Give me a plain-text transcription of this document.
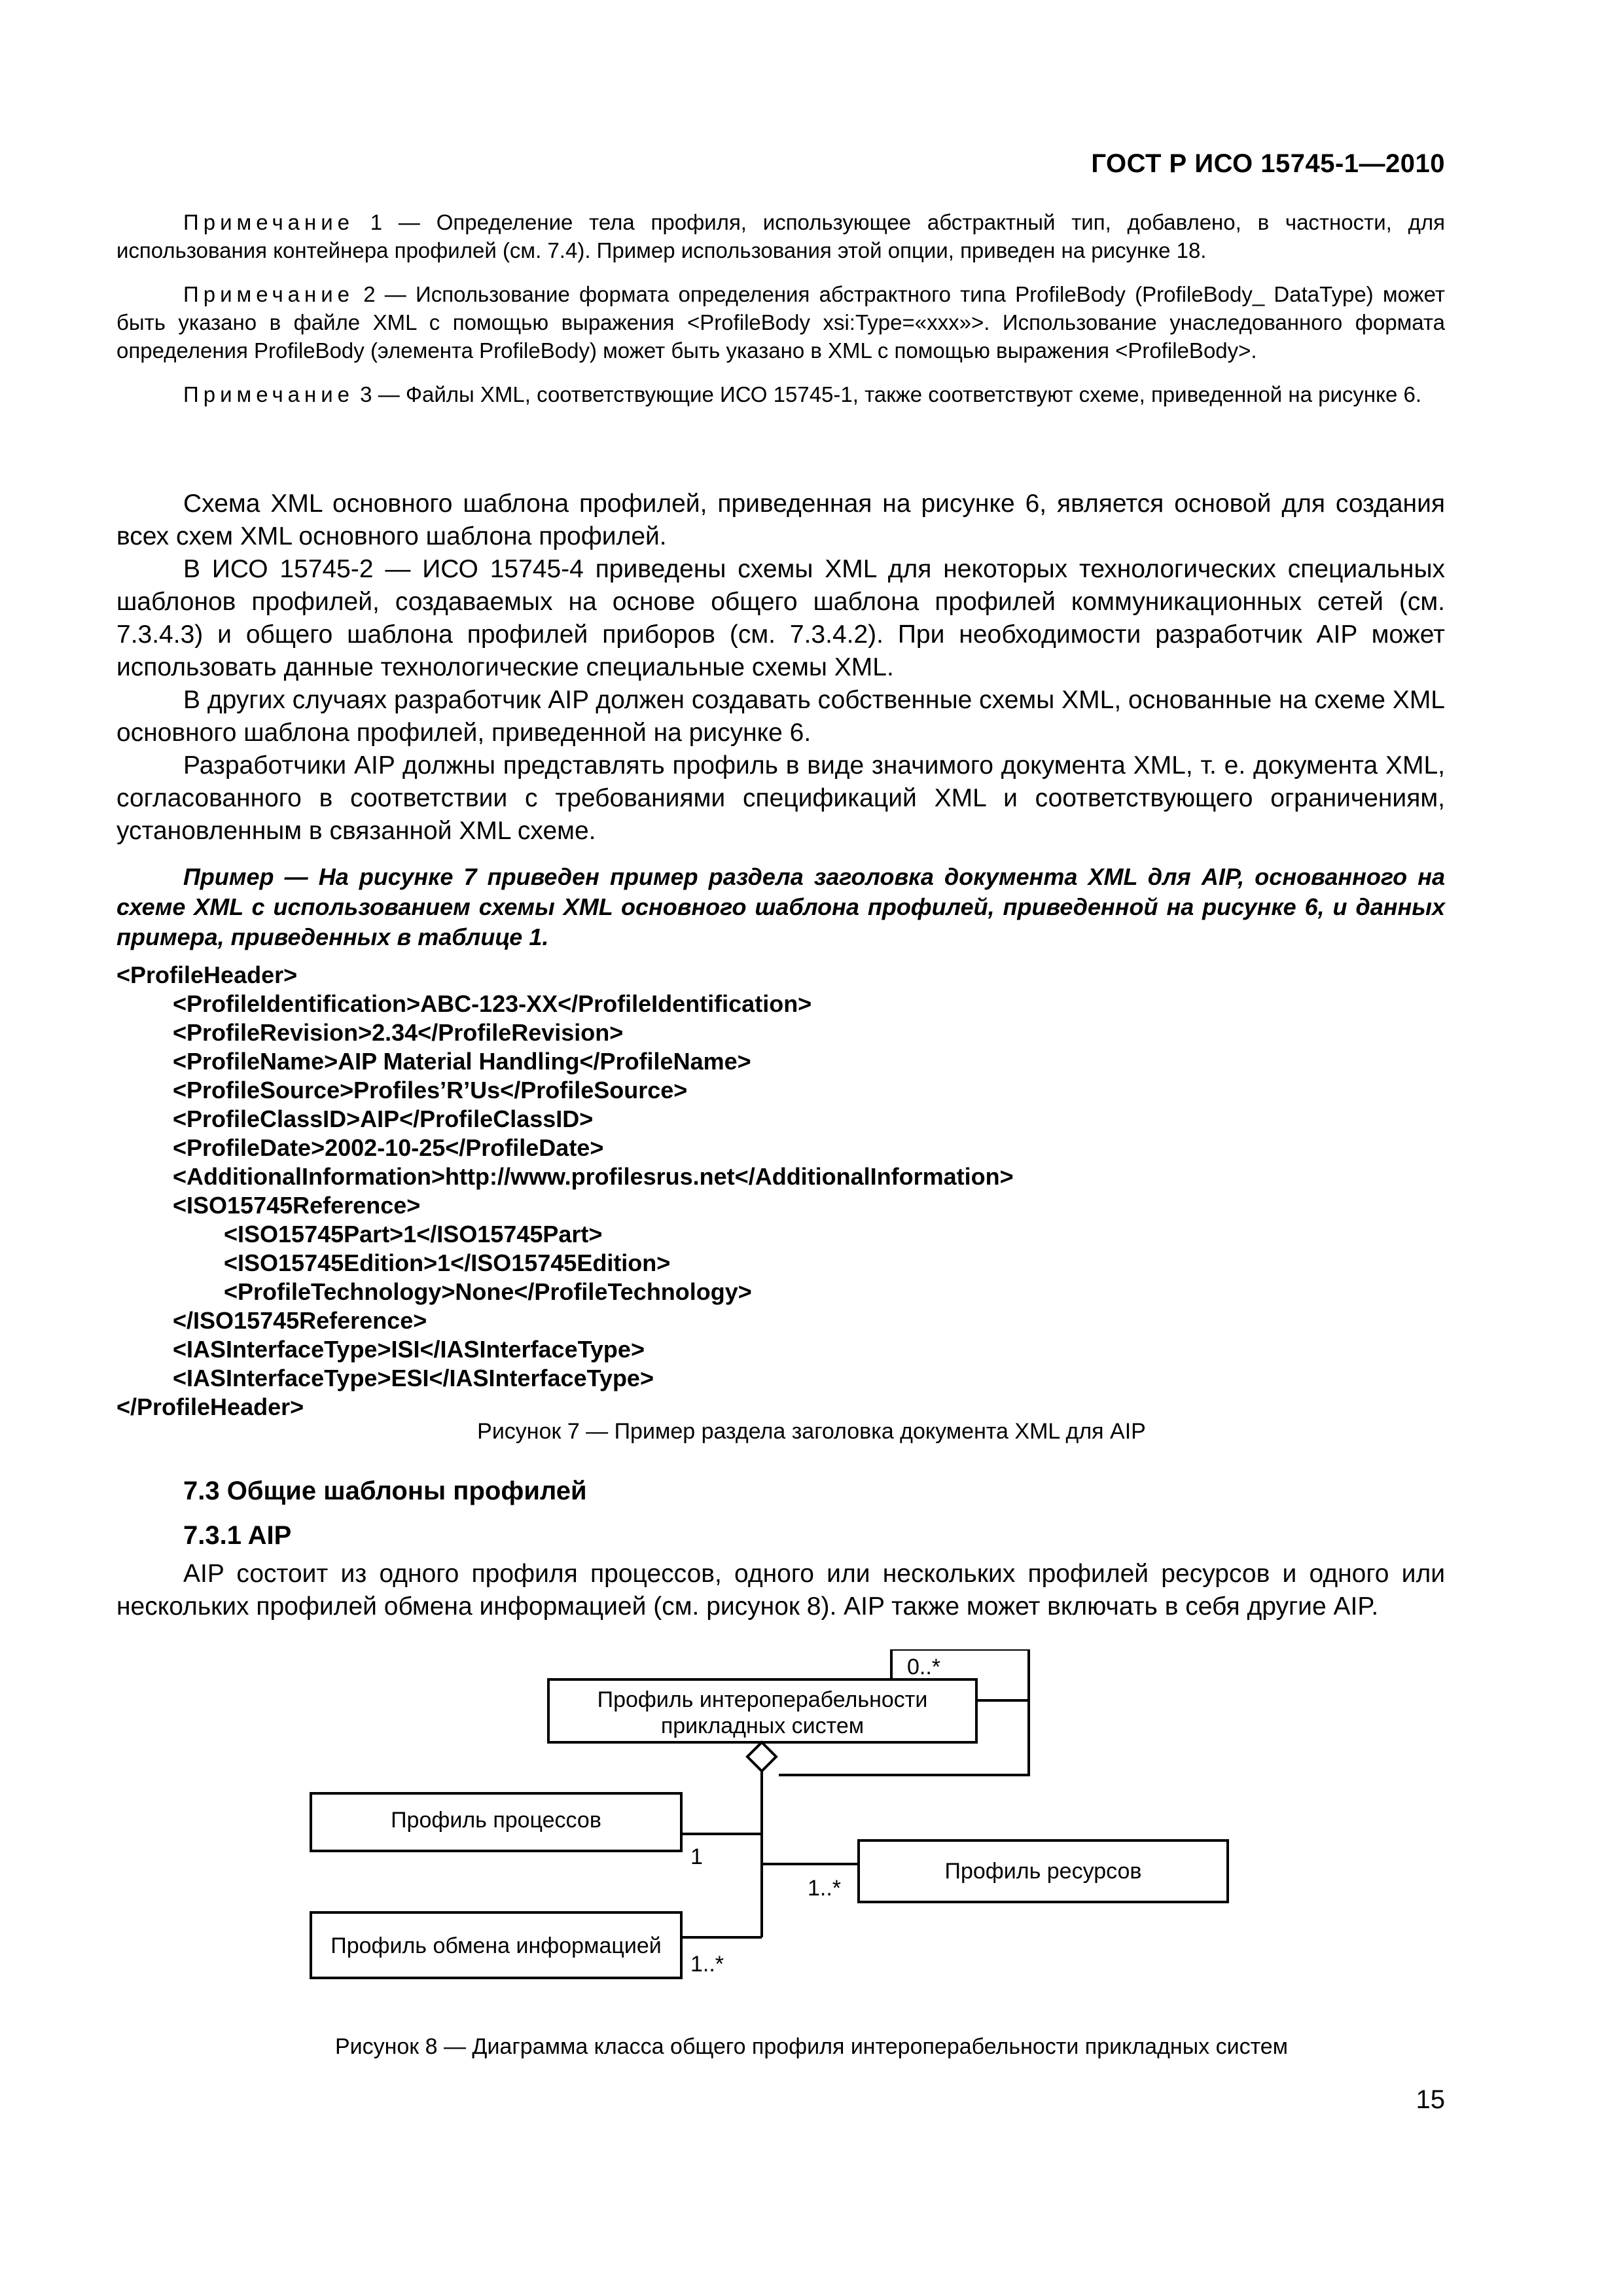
ГОСТ Р ИСО 15745-1—2010

Примечание 1 — Определение тела профиля, использующее абстрактный тип, добавлено, в частности, для использования контейнера профилей (см. 7.4). Пример использования этой опции, приведен на рисунке 18.

Примечание 2 — Использование формата определения абстрактного типа ProfileBody (ProfileBody_ DataType) может быть указано в файле XML с помощью выражения <ProfileBody xsi:Type=«xxx»>. Использование унаследованного формата определения ProfileBody (элемента ProfileBody) может быть указано в XML с помощью выражения <ProfileBody>.

Примечание 3 — Файлы XML, соответствующие ИСО 15745-1, также соответствуют схеме, приведенной на рисунке 6.

Схема XML основного шаблона профилей, приведенная на рисунке 6, является основой для создания всех схем XML основного шаблона профилей.

В ИСО 15745-2 — ИСО 15745-4 приведены схемы XML для некоторых технологических специальных шаблонов профилей, создаваемых на основе общего шаблона профилей коммуникационных сетей (см. 7.3.4.3) и общего шаблона профилей приборов (см. 7.3.4.2). При необходимости разработчик AIP может использовать данные технологические специальные схемы XML.

В других случаях разработчик AIP должен создавать собственные схемы XML, основанные на схеме XML основного шаблона профилей, приведенной на рисунке 6.

Разработчики AIP должны представлять профиль в виде значимого документа XML, т. е. документа XML, согласованного в соответствии с требованиями спецификаций XML и соответствующего ограничениям, установленным в связанной XML схеме.

Пример — На рисунке 7 приведен пример раздела заголовка документа XML для AIP, основанного на схеме XML с использованием схемы XML основного шаблона профилей, приведенной на рисунке 6, и данных примера, приведенных в таблице 1.

<ProfileHeader>
<ProfileIdentification>ABC-123-XX</ProfileIdentification>
<ProfileRevision>2.34</ProfileRevision>
<ProfileName>AIP Material Handling</ProfileName>
<ProfileSource>Profiles’R’Us</ProfileSource>
<ProfileClassID>AIP</ProfileClassID>
<ProfileDate>2002-10-25</ProfileDate>
<AdditionalInformation>http://www.profilesrus.net</AdditionalInformation>
<ISO15745Reference>
<ISO15745Part>1</ISO15745Part>
<ISO15745Edition>1</ISO15745Edition>
<ProfileTechnology>None</ProfileTechnology>
</ISO15745Reference>
<IASInterfaceType>ISI</IASInterfaceType>
<IASInterfaceType>ESI</IASInterfaceType>
</ProfileHeader>
Рисунок 7 — Пример раздела заголовка документа XML для AIP
7.3 Общие шаблоны профилей
7.3.1 AIP

AIP состоит из одного профиля процессов, одного или нескольких профилей ресурсов и одного или нескольких профилей обмена информацией (см. рисунок 8). AIP также может включать в себя другие AIP.

Профиль интероперабельности
прикладных систем
Профиль процессов
Профиль ресурсов
Профиль обмена информацией
0..*
1
1..*
1..*
Рисунок 8 — Диаграмма класса общего профиля интероперабельности прикладных систем
15
